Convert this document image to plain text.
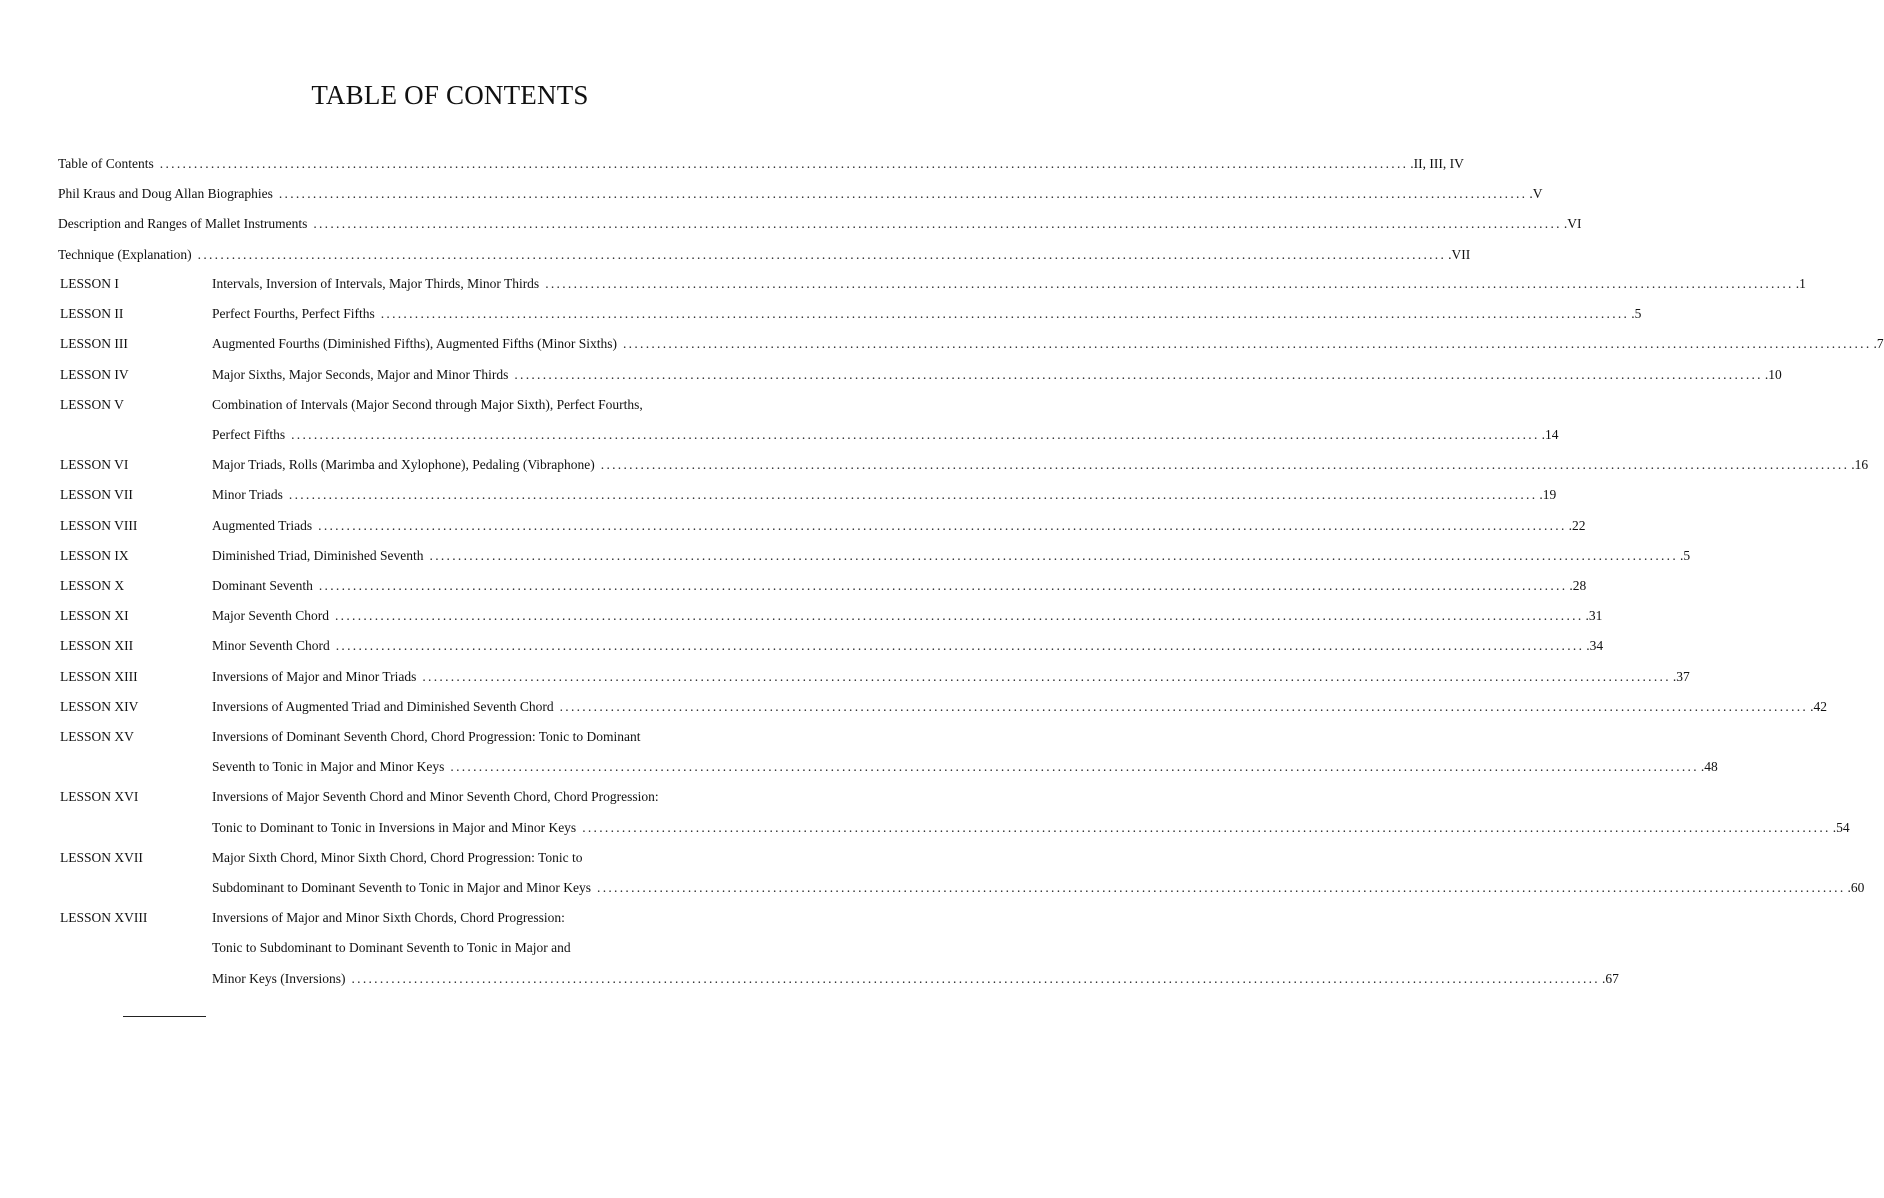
TABLE OF CONTENTS
Table of Contents ............................................................................................................................................................................................................................ .II, III, IV
Phil Kraus and Doug Allan Biographies ............................................................................................................................................................................................................................ .V
Description and Ranges of Mallet Instruments ............................................................................................................................................................................................................................ .VI
Technique (Explanation) ............................................................................................................................................................................................................................ .VII
LESSON I	Intervals, Inversion of Intervals, Major Thirds, Minor Thirds ............................................................................................................................................................................................................................ .1
LESSON II	Perfect Fourths, Perfect Fifths ............................................................................................................................................................................................................................ .5
LESSON III	Augmented Fourths (Diminished Fifths), Augmented Fifths (Minor Sixths) ............................................................................................................................................................................................................................ .7
LESSON IV	Major Sixths, Major Seconds, Major and Minor Thirds ............................................................................................................................................................................................................................ .10
LESSON V	Combination of Intervals (Major Second through Major Sixth), Perfect Fourths,
Perfect Fifths ............................................................................................................................................................................................................................ .14
LESSON VI	Major Triads, Rolls (Marimba and Xylophone), Pedaling (Vibraphone) ............................................................................................................................................................................................................................ .16
LESSON VII	Minor Triads ............................................................................................................................................................................................................................ .19
LESSON VIII	Augmented Triads ............................................................................................................................................................................................................................ .22
LESSON IX	Diminished Triad, Diminished Seventh ............................................................................................................................................................................................................................ .5
LESSON X	Dominant Seventh ............................................................................................................................................................................................................................ .28
LESSON XI	Major Seventh Chord ............................................................................................................................................................................................................................ .31
LESSON XII	Minor Seventh Chord ............................................................................................................................................................................................................................ .34
LESSON XIII	Inversions of Major and Minor Triads ............................................................................................................................................................................................................................ .37
LESSON XIV	Inversions of Augmented Triad and Diminished Seventh Chord ............................................................................................................................................................................................................................ .42
LESSON XV	Inversions of Dominant Seventh Chord, Chord Progression: Tonic to Dominant
Seventh to Tonic in Major and Minor Keys ............................................................................................................................................................................................................................ .48
LESSON XVI	Inversions of Major Seventh Chord and Minor Seventh Chord, Chord Progression:
Tonic to Dominant to Tonic in Inversions in Major and Minor Keys ............................................................................................................................................................................................................................ .54
LESSON XVII	Major Sixth Chord, Minor Sixth Chord, Chord Progression: Tonic to
Subdominant to Dominant Seventh to Tonic in Major and Minor Keys ............................................................................................................................................................................................................................ .60
LESSON XVIII	Inversions of Major and Minor Sixth Chords, Chord Progression:
Tonic to Subdominant to Dominant Seventh to Tonic in Major and
Minor Keys (Inversions) ............................................................................................................................................................................................................................ .67
